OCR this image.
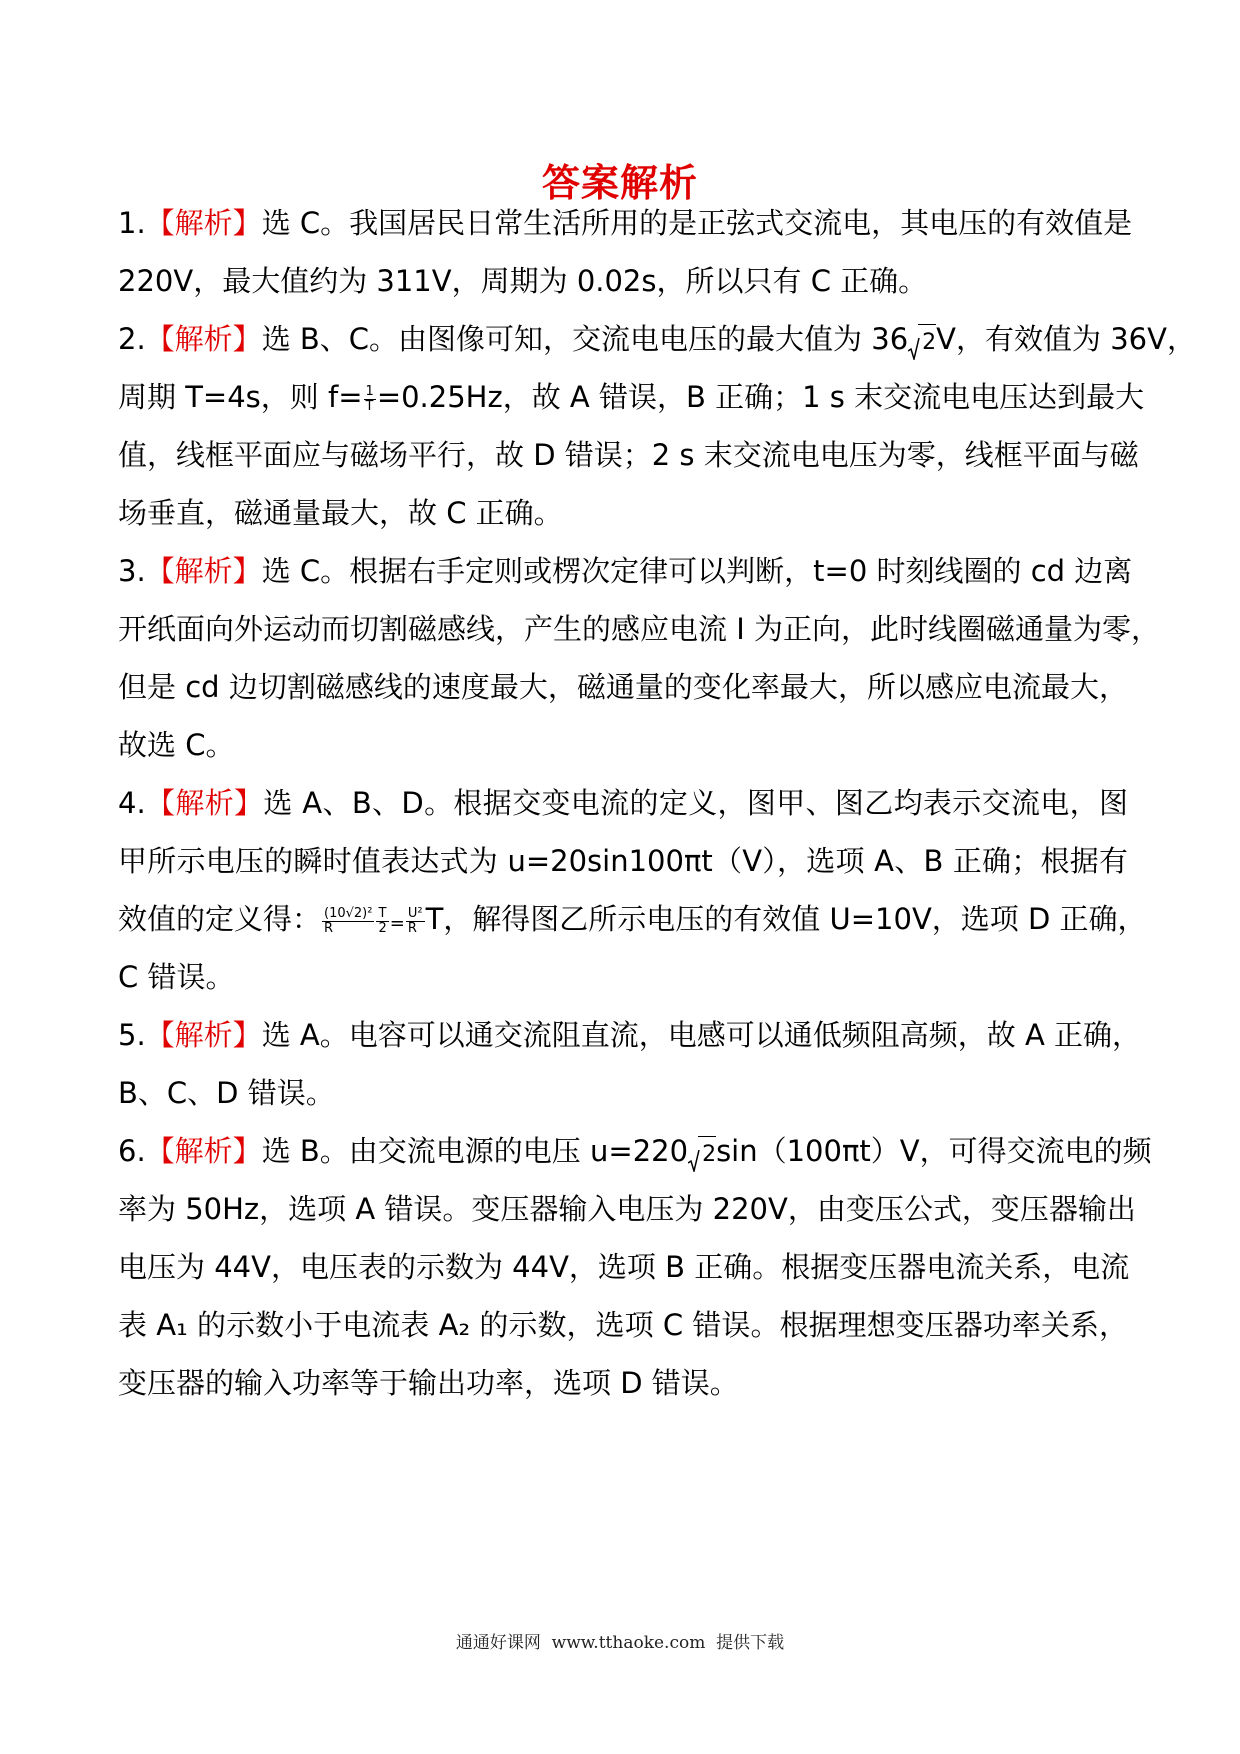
答案解析
1.【解析】选 C。我国居民日常生活所用的是正弦式交流电，其电压的有效值是
220V，最大值约为 311V，周期为 0.02s，所以只有 C 正确。
2.【解析】选 B、C。由图像可知，交流电电压的最大值为 36 2V，有效值为 36V，
周期 T=4s，则 $f= \frac{1}{T} =0.25Hz$，故 A 错误，B 正确；1 s 末交流电电压达到最大
值，线框平面应与磁场平行，故 D 错误；2 s 末交流电电压为零，线框平面与磁
场垂直，磁通量最大，故 C 正确。
3.【解析】选 C。根据右手定则或楞次定律可以判断，t=0 时刻线圈的 cd 边离
开纸面向外运动而切割磁感线，产生的感应电流 I 为正向，此时线圈磁通量为零，
但是 cd 边切割磁感线的速度最大，磁通量的变化率最大，所以感应电流最大，
故选 C。
4.【解析】选 A、B、D。根据交变电流的定义，图甲、图乙均表示交流电，图
甲所示电压的瞬时值表达式为 u=20sin100πt（V），选项 A、B 正确；根据有
效值的定义得： $\frac{\text{(10√2)²}}{R} \frac{T}{2} = \frac{\text{U²}}{R}$ T，解得图乙所示电压的有效值 U=10V，选项 D 正确，
C 错误。
5.【解析】选 A。电容可以通交流阻直流，电感可以通低频阻高频，故 A 正确，
B、C、D 错误。
6.【解析】选 B。由交流电源的电压 u=220 2sin（100πt）V，可得交流电的频
率为 50Hz，选项 A 错误。变压器输入电压为 220V，由变压公式，变压器输出
电压为 44V，电压表的示数为 44V，选项 B 正确。根据变压器电流关系，电流
表 A₁ 的示数小于电流表 A₂ 的示数，选项 C 错误。根据理想变压器功率关系，
变压器的输入功率等于输出功率，选项 D 错误。
通通好课网  www.tthaoke.com  提供下载
